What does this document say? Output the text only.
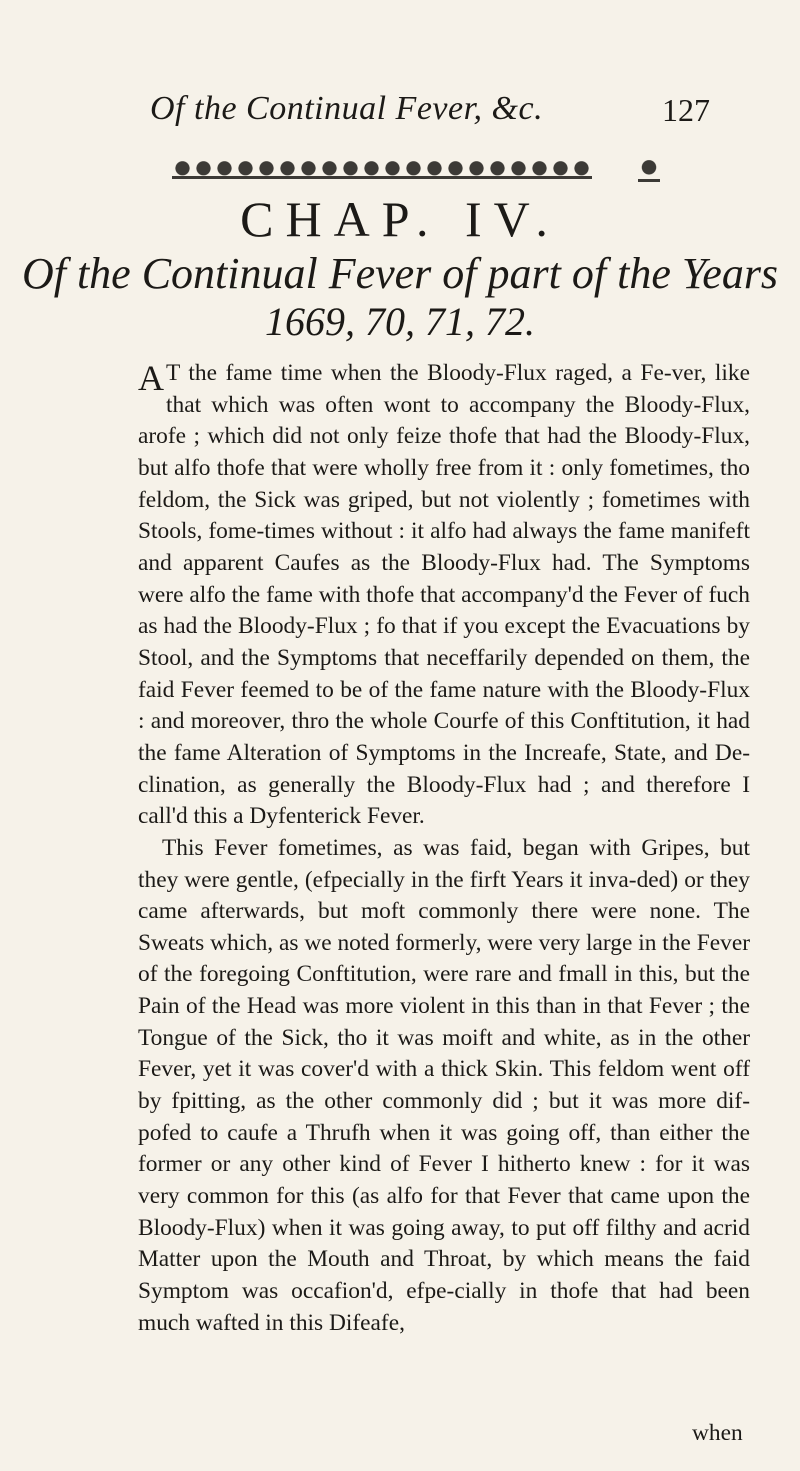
Of the Continual Fever, &c.	127
CHAP. IV.
Of the Continual Fever of part of the Years
1669, 70, 71, 72.

A T the fame time when the Bloody-Flux raged, a Fe-ver, like that which was often wont to accompany the Bloody-Flux, arofe ; which did not only feize thofe that had the Bloody-Flux, but alfo thofe that were wholly free from it : only fometimes, tho feldom, the Sick was griped, but not violently ; fometimes with Stools, fome-times without : it alfo had always the fame manifeft and apparent Caufes as the Bloody-Flux had. The Symptoms were alfo the fame with thofe that accompany'd the Fever of fuch as had the Bloody-Flux ; fo that if you except the Evacuations by Stool, and the Symptoms that neceffarily depended on them, the faid Fever feemed to be of the fame nature with the Bloody-Flux : and moreover, thro the whole Courfe of this Conftitution, it had the fame Alteration of Symptoms in the Increafe, State, and De-clination, as generally the Bloody-Flux had ; and therefore I call'd this a Dyfenterick Fever.

This Fever fometimes, as was faid, began with Gripes, but they were gentle, (efpecially in the firft Years it inva-ded) or they came afterwards, but moft commonly there were none. The Sweats which, as we noted formerly, were very large in the Fever of the foregoing Conftitution, were rare and fmall in this, but the Pain of the Head was more violent in this than in that Fever ; the Tongue of the Sick, tho it was moift and white, as in the other Fever, yet it was cover'd with a thick Skin. This feldom went off by fpitting, as the other commonly did ; but it was more dif-pofed to caufe a Thrufh when it was going off, than either the former or any other kind of Fever I hitherto knew : for it was very common for this (as alfo for that Fever that came upon the Bloody-Flux) when it was going away, to put off filthy and acrid Matter upon the Mouth and Throat, by which means the faid Symptom was occafion'd, efpe-cially in thofe that had been much wafted in this Difeafe,

when
